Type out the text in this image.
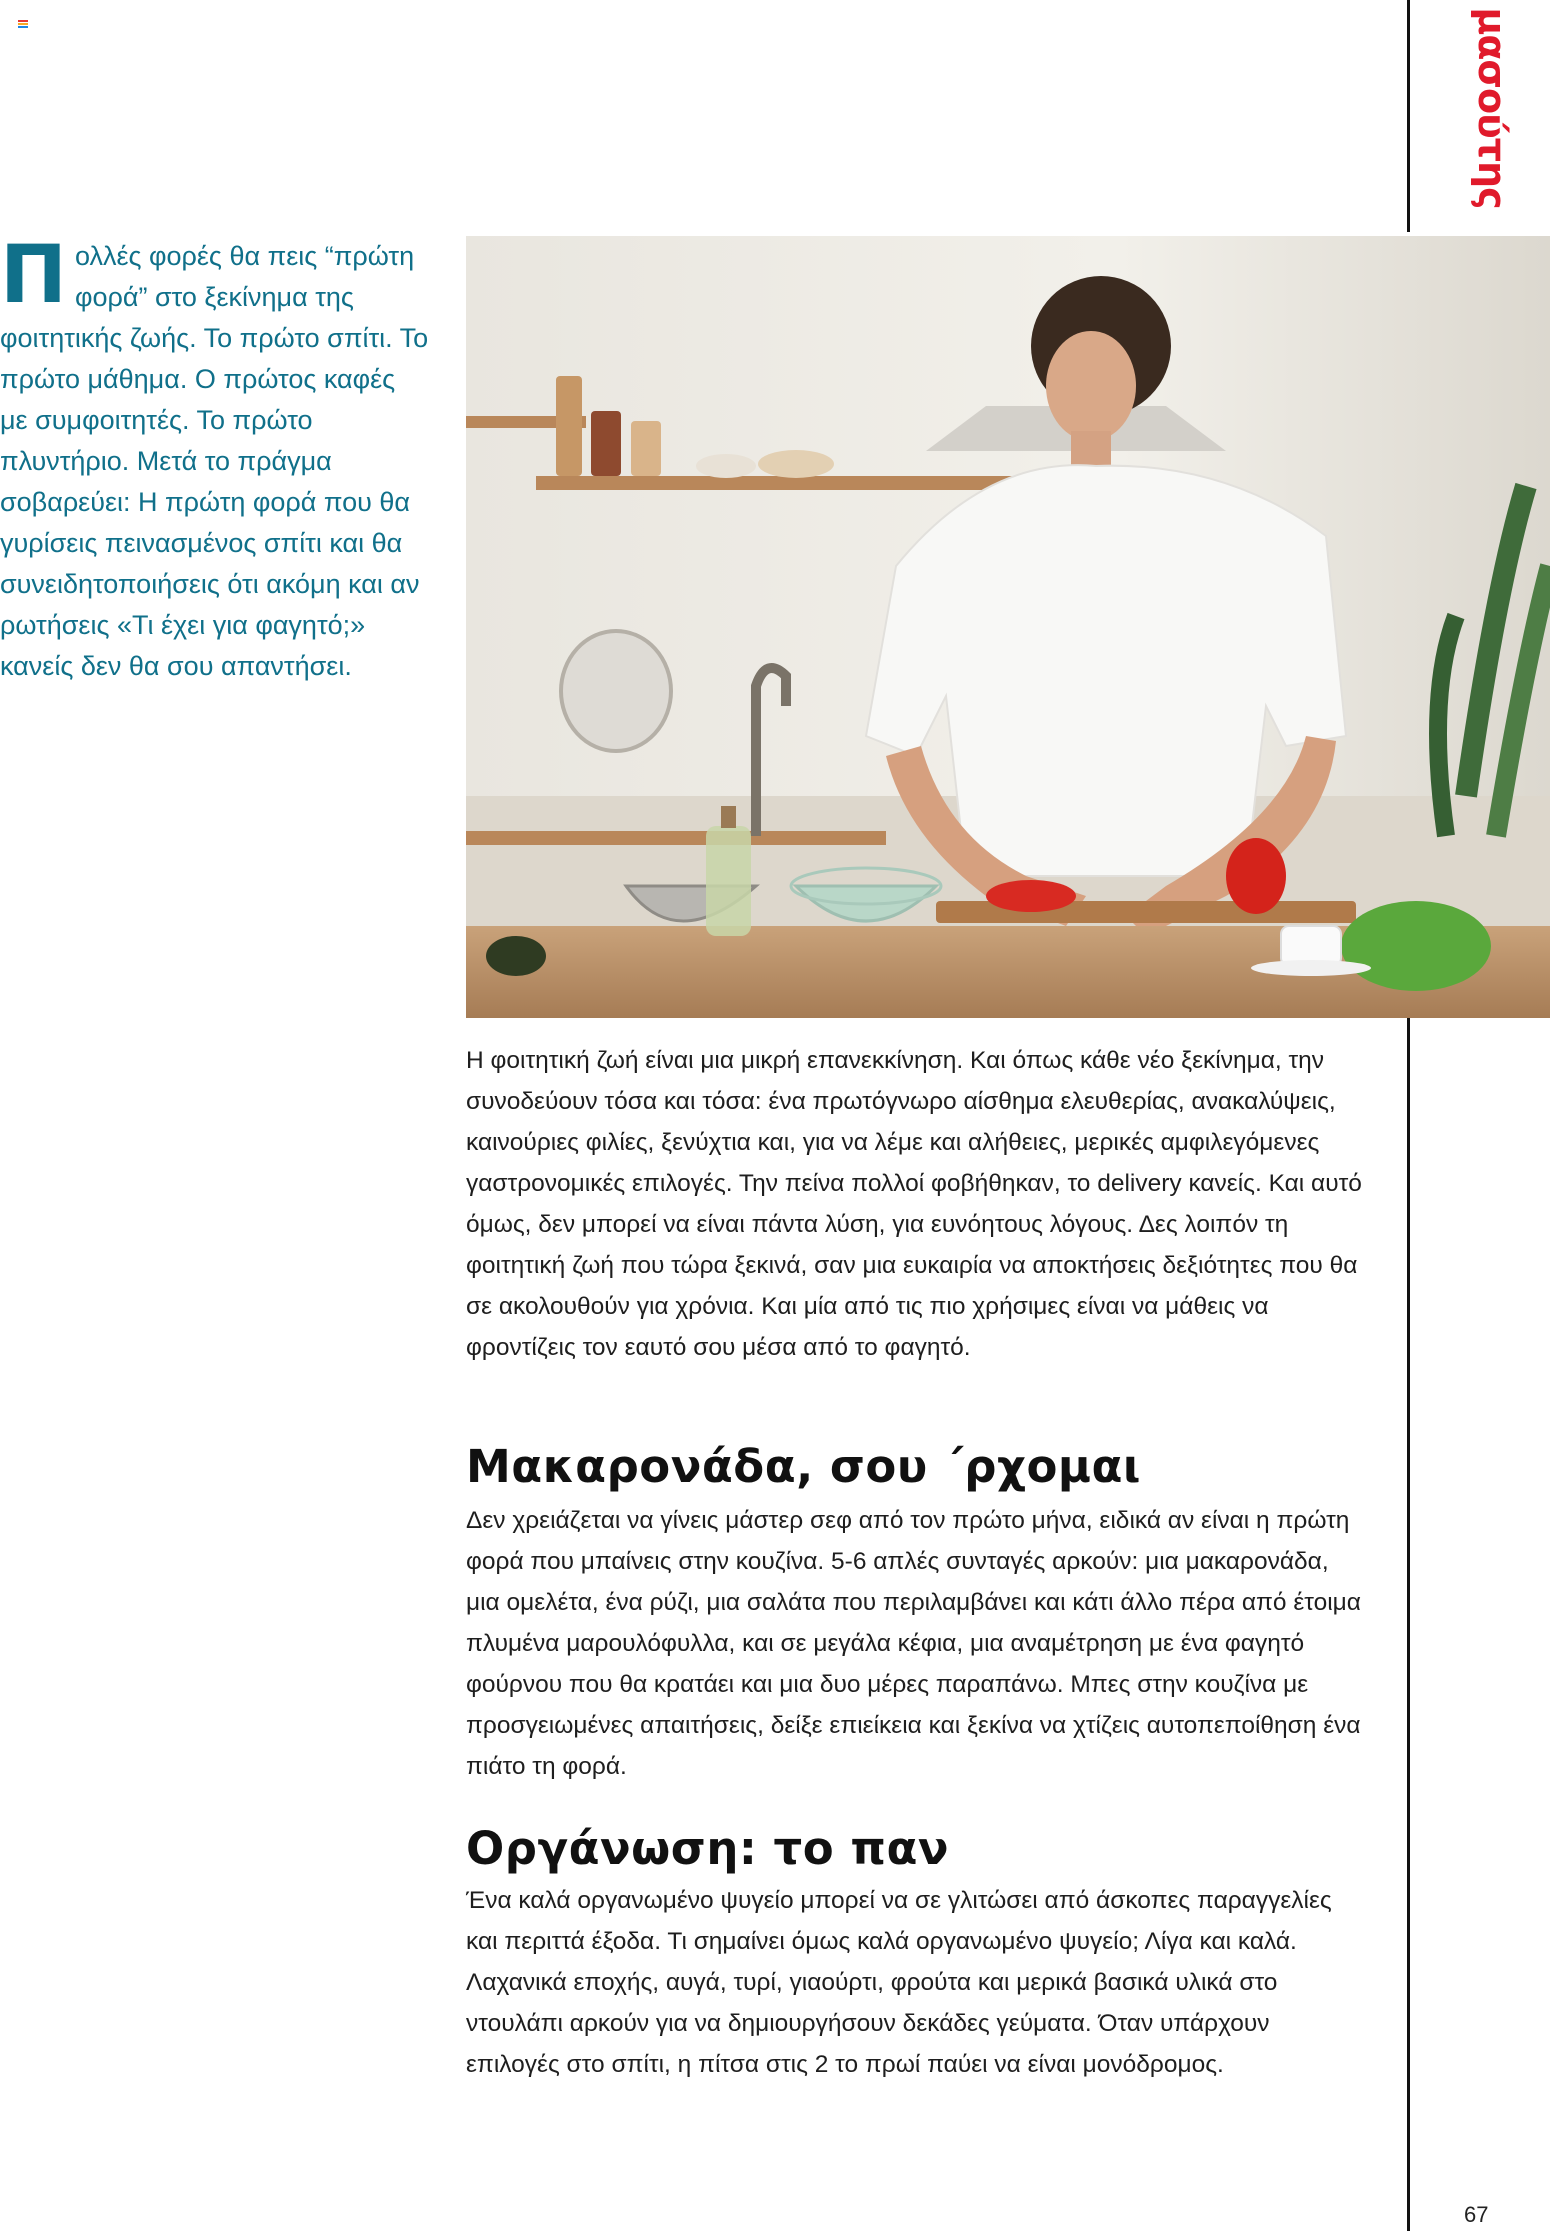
μασούτης
Πολλές φορές θα πεις “πρώτη φορά” στο ξεκίνημα της φοιτητικής ζωής. Το πρώτο σπίτι. Το πρώτο μάθημα. Ο πρώτος καφές με συμφοιτητές. Το πρώτο πλυντήριο. Μετά το πράγμα σοβαρεύει: Η πρώτη φορά που θα γυρίσεις πεινασμένος σπίτι και θα συνειδητοποιήσεις ότι ακόμη και αν ρωτήσεις «Τι έχει για φαγητό;» κανείς δεν θα σου απαντήσει.

Η φοιτητική ζωή είναι μια μικρή επανεκκίνηση. Και όπως κάθε νέο ξεκίνημα, την συνοδεύουν τόσα και τόσα: ένα πρωτόγνωρο αίσθημα ελευθερίας, ανακαλύψεις, καινούριες φιλίες, ξενύχτια και, για να λέμε και αλήθειες, μερικές αμφιλεγόμενες γαστρονομικές επιλογές. Την πείνα πολλοί φοβήθηκαν, το delivery κανείς. Και αυτό όμως, δεν μπορεί να είναι πάντα λύση, για ευνόητους λόγους. Δες λοιπόν τη φοιτητική ζωή που τώρα ξεκινά, σαν μια ευκαιρία να αποκτήσεις δεξιότητες που θα σε ακολουθούν για χρόνια. Και μία από τις πιο χρήσιμες είναι να μάθεις να φροντίζεις τον εαυτό σου μέσα από το φαγητό.

Μακαρονάδα, σου ΄ρχομαι

Δεν χρειάζεται να γίνεις μάστερ σεφ από τον πρώτο μήνα, ειδικά αν είναι η πρώτη φορά που μπαίνεις στην κουζίνα. 5-6 απλές συνταγές αρκούν: μια μακαρονάδα, μια ομελέτα, ένα ρύζι, μια σαλάτα που περιλαμβάνει και κάτι άλλο πέρα από έτοιμα πλυμένα μαρουλόφυλλα, και σε μεγάλα κέφια, μια αναμέτρηση με ένα φαγητό φούρνου που θα κρατάει και μια δυο μέρες παραπάνω. Μπες στην κουζίνα με προσγειωμένες απαιτήσεις, δείξε επιείκεια και ξεκίνα να χτίζεις αυτοπεποίθηση ένα πιάτο τη φορά.

Οργάνωση: το παν

Ένα καλά οργανωμένο ψυγείο μπορεί να σε γλιτώσει από άσκοπες παραγγελίες και περιττά έξοδα. Τι σημαίνει όμως καλά οργανωμένο ψυγείο; Λίγα και καλά. Λαχανικά εποχής, αυγά, τυρί, γιαούρτι, φρούτα και μερικά βασικά υλικά στο ντουλάπι αρκούν για να δημιουργήσουν δεκάδες γεύματα. Όταν υπάρχουν επιλογές στο σπίτι, η πίτσα στις 2 το πρωί παύει να είναι μονόδρομος.

67
